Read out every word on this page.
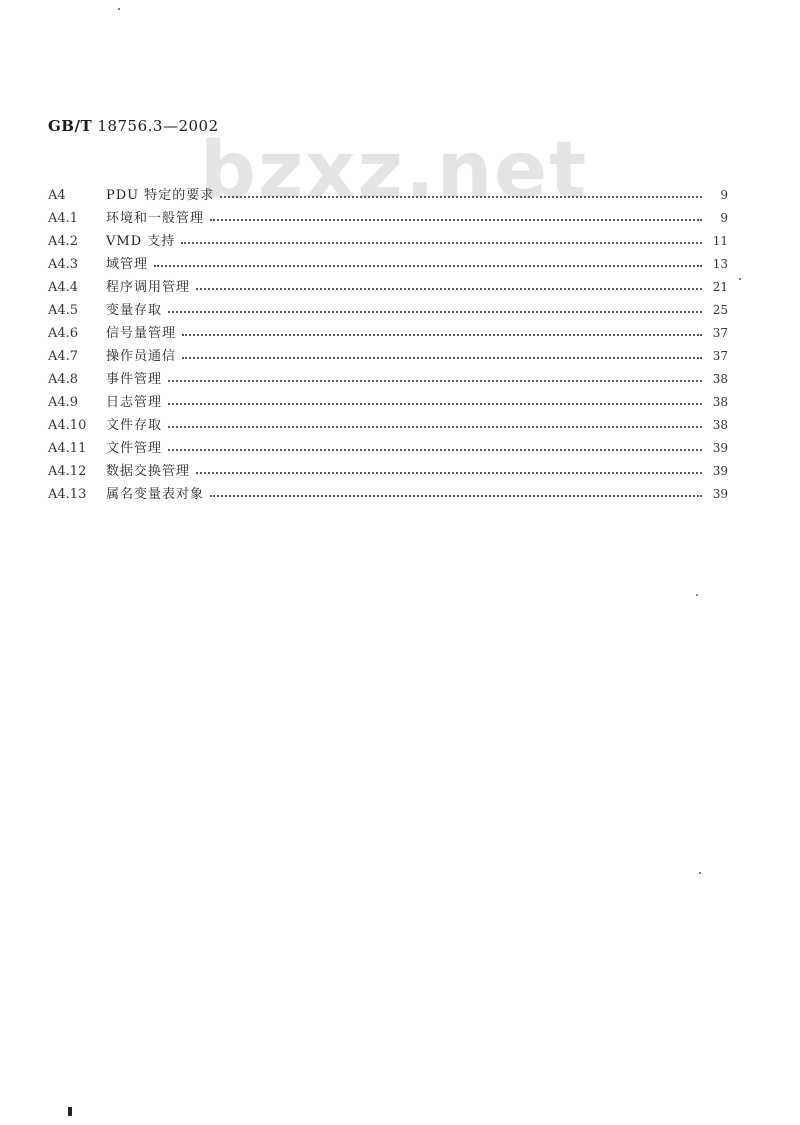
GB/T 18756.3—2002
bzxz.net
A4	PDU 特定的要求	9
A4.1	环境和一般管理	9
A4.2	VMD 支持	11
A4.3	域管理	13
A4.4	程序调用管理	21
A4.5	变量存取	25
A4.6	信号量管理	37
A4.7	操作员通信	37
A4.8	事件管理	38
A4.9	日志管理	38
A4.10	文件存取	38
A4.11	文件管理	39
A4.12	数据交换管理	39
A4.13	属名变量表对象	39
